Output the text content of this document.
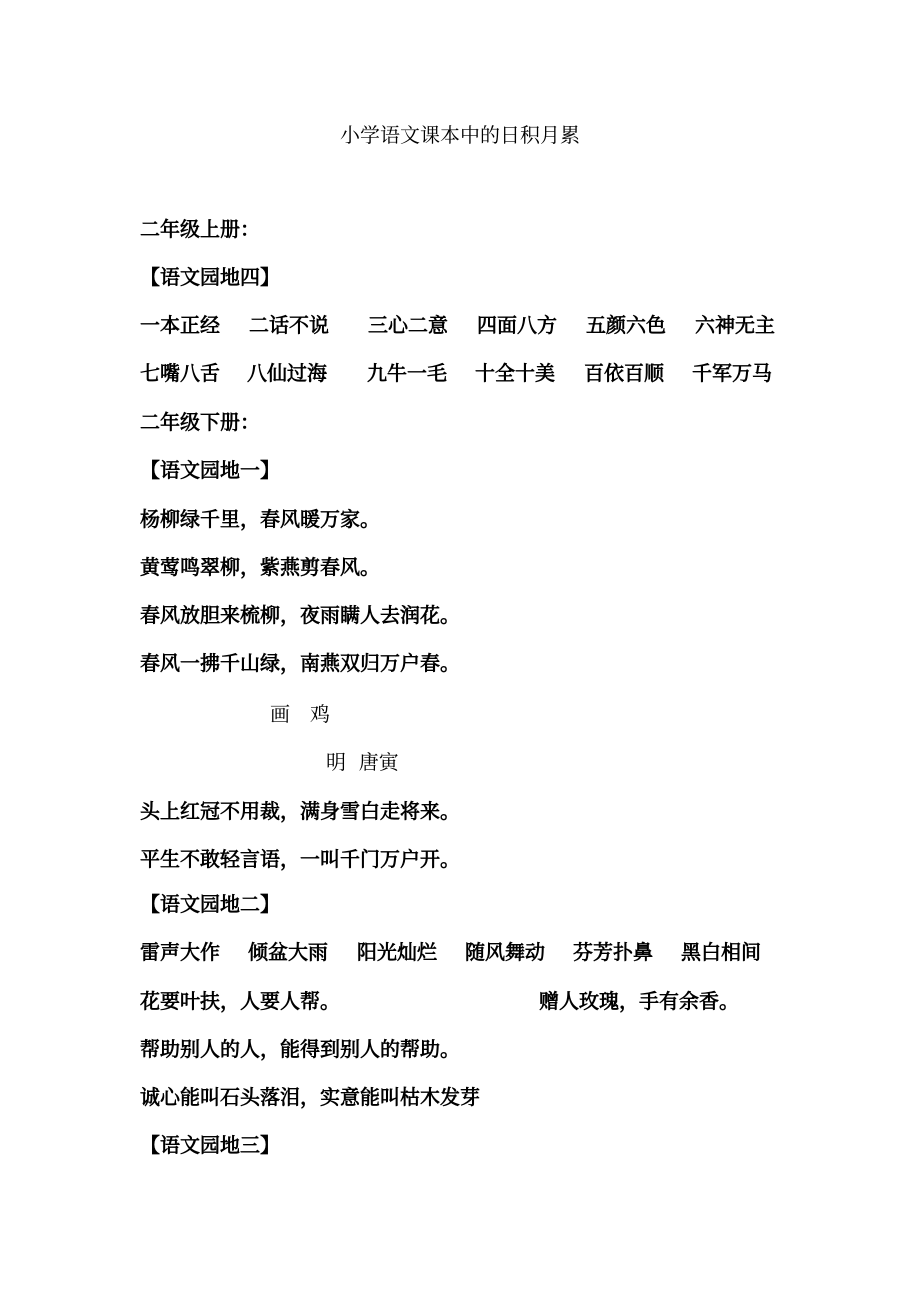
小学语文课本中的日积月累
二年级上册：
【语文园地四】
一本正经 二话不说 三心二意 四面八方 五颜六色 六神无主
七嘴八舌 八仙过海 九牛一毛 十全十美 百依百顺 千军万马
二年级下册：
【语文园地一】
杨柳绿千里，春风暖万家。
黄莺鸣翠柳，紫燕剪春风。
春风放胆来梳柳，夜雨瞒人去润花。
春风一拂千山绿，南燕双归万户春。
画　鸡
明  唐寅
头上红冠不用裁，满身雪白走将来。
平生不敢轻言语，一叫千门万户开。
【语文园地二】
雷声大作 倾盆大雨 阳光灿烂 随风舞动 芬芳扑鼻 黑白相间
花要叶扶，人要人帮。	赠人玫瑰，手有余香。
帮助别人的人，能得到别人的帮助。
诚心能叫石头落泪，实意能叫枯木发芽
【语文园地三】
